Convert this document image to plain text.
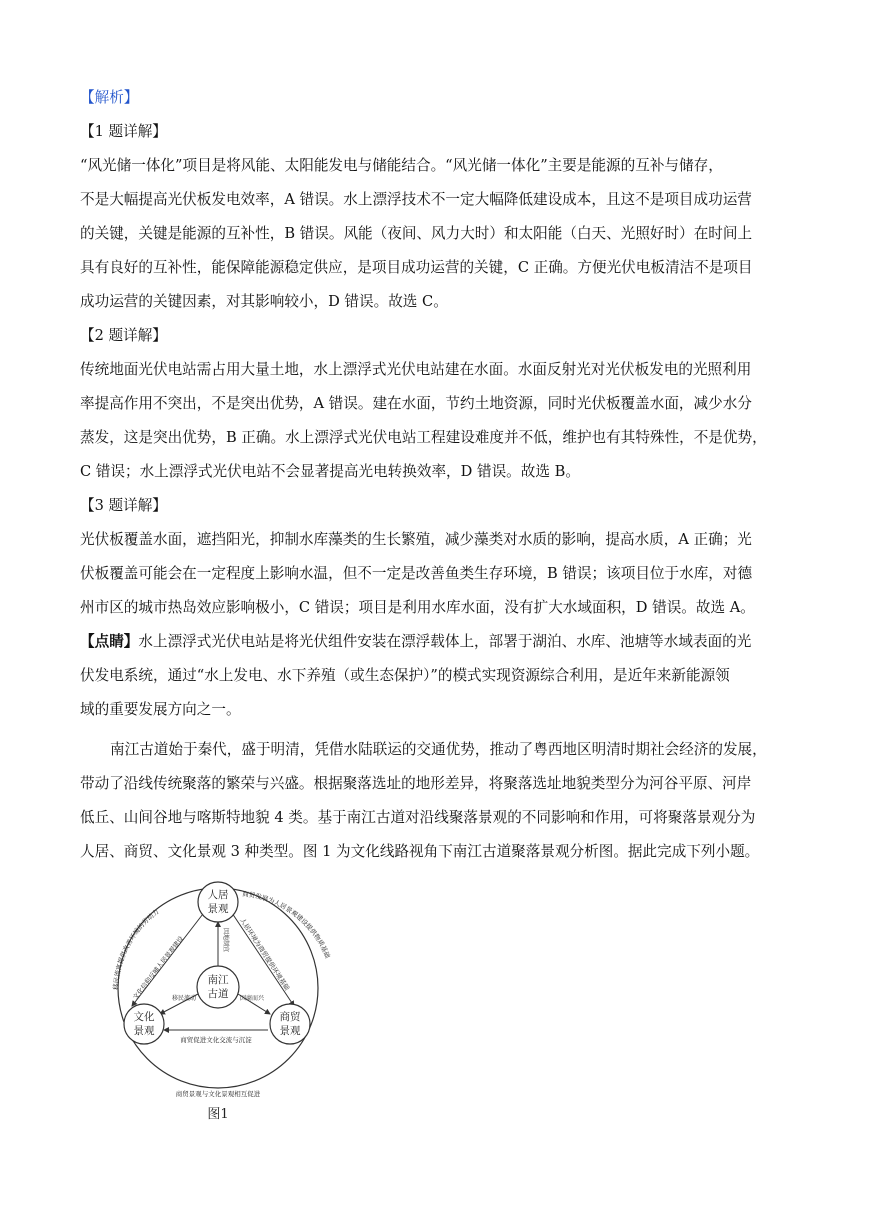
【解析】
【1 题详解】
“风光储一体化”项目是将风能、太阳能发电与储能结合。“风光储一体化”主要是能源的互补与储存，
不是大幅提高光伏板发电效率，A 错误。水上漂浮技术不一定大幅降低建设成本，且这不是项目成功运营
的关键，关键是能源的互补性，B 错误。风能（夜间、风力大时）和太阳能（白天、光照好时）在时间上
具有良好的互补性，能保障能源稳定供应，是项目成功运营的关键，C 正确。方便光伏电板清洁不是项目
成功运营的关键因素，对其影响较小，D 错误。故选 C。
【2 题详解】
传统地面光伏电站需占用大量土地，水上漂浮式光伏电站建在水面。水面反射光对光伏板发电的光照利用
率提高作用不突出，不是突出优势，A 错误。建在水面，节约土地资源，同时光伏板覆盖水面，减少水分
蒸发，这是突出优势，B 正确。水上漂浮式光伏电站工程建设难度并不低，维护也有其特殊性，不是优势，
C 错误；水上漂浮式光伏电站不会显著提高光电转换效率，D 错误。故选 B。
【3 题详解】
光伏板覆盖水面，遮挡阳光，抑制水库藻类的生长繁殖，减少藻类对水质的影响，提高水质，A 正确；光
伏板覆盖可能会在一定程度上影响水温，但不一定是改善鱼类生存环境，B 错误；该项目位于水库，对德
州市区的城市热岛效应影响极小，C 错误；项目是利用水库水面，没有扩大水域面积，D 错误。故选 A。
【点睛】水上漂浮式光伏电站是将光伏组件安装在漂浮载体上，部署于湖泊、水库、池塘等水域表面的光
伏发电系统，通过“水上发电、水下养殖（或生态保护）”的模式实现资源综合利用，是近年来新能源领
域的重要发展方向之一。
南江古道始于秦代，盛于明清，凭借水陆联运的交通优势，推动了粤西地区明清时期社会经济的发展，
带动了沿线传统聚落的繁荣与兴盛。根据聚落选址的地形差异，将聚落选址地貌类型分为河谷平原、河岸
低丘、山间谷地与喀斯特地貌 4 类。基于南江古道对沿线聚落景观的不同影响和作用，可将聚落景观分为
人居、商贸、文化景观 3 种类型。图 1 为文化线路视角下南江古道聚落景观分析图。据此完成下列小题。
人居
景观
南江
古道
文化
景观
商贸
景观
因地制宜
移民流动	因商而兴
文化信仰反哺人居景观建设
人居环境为商贸提供环境基础
商贸促进文化交流与沉淀
移民流寓提供改善环境的劳动力
商贸发展为人居景观建设提供物质基础
商贸景观与文化景观相互促进
图1
